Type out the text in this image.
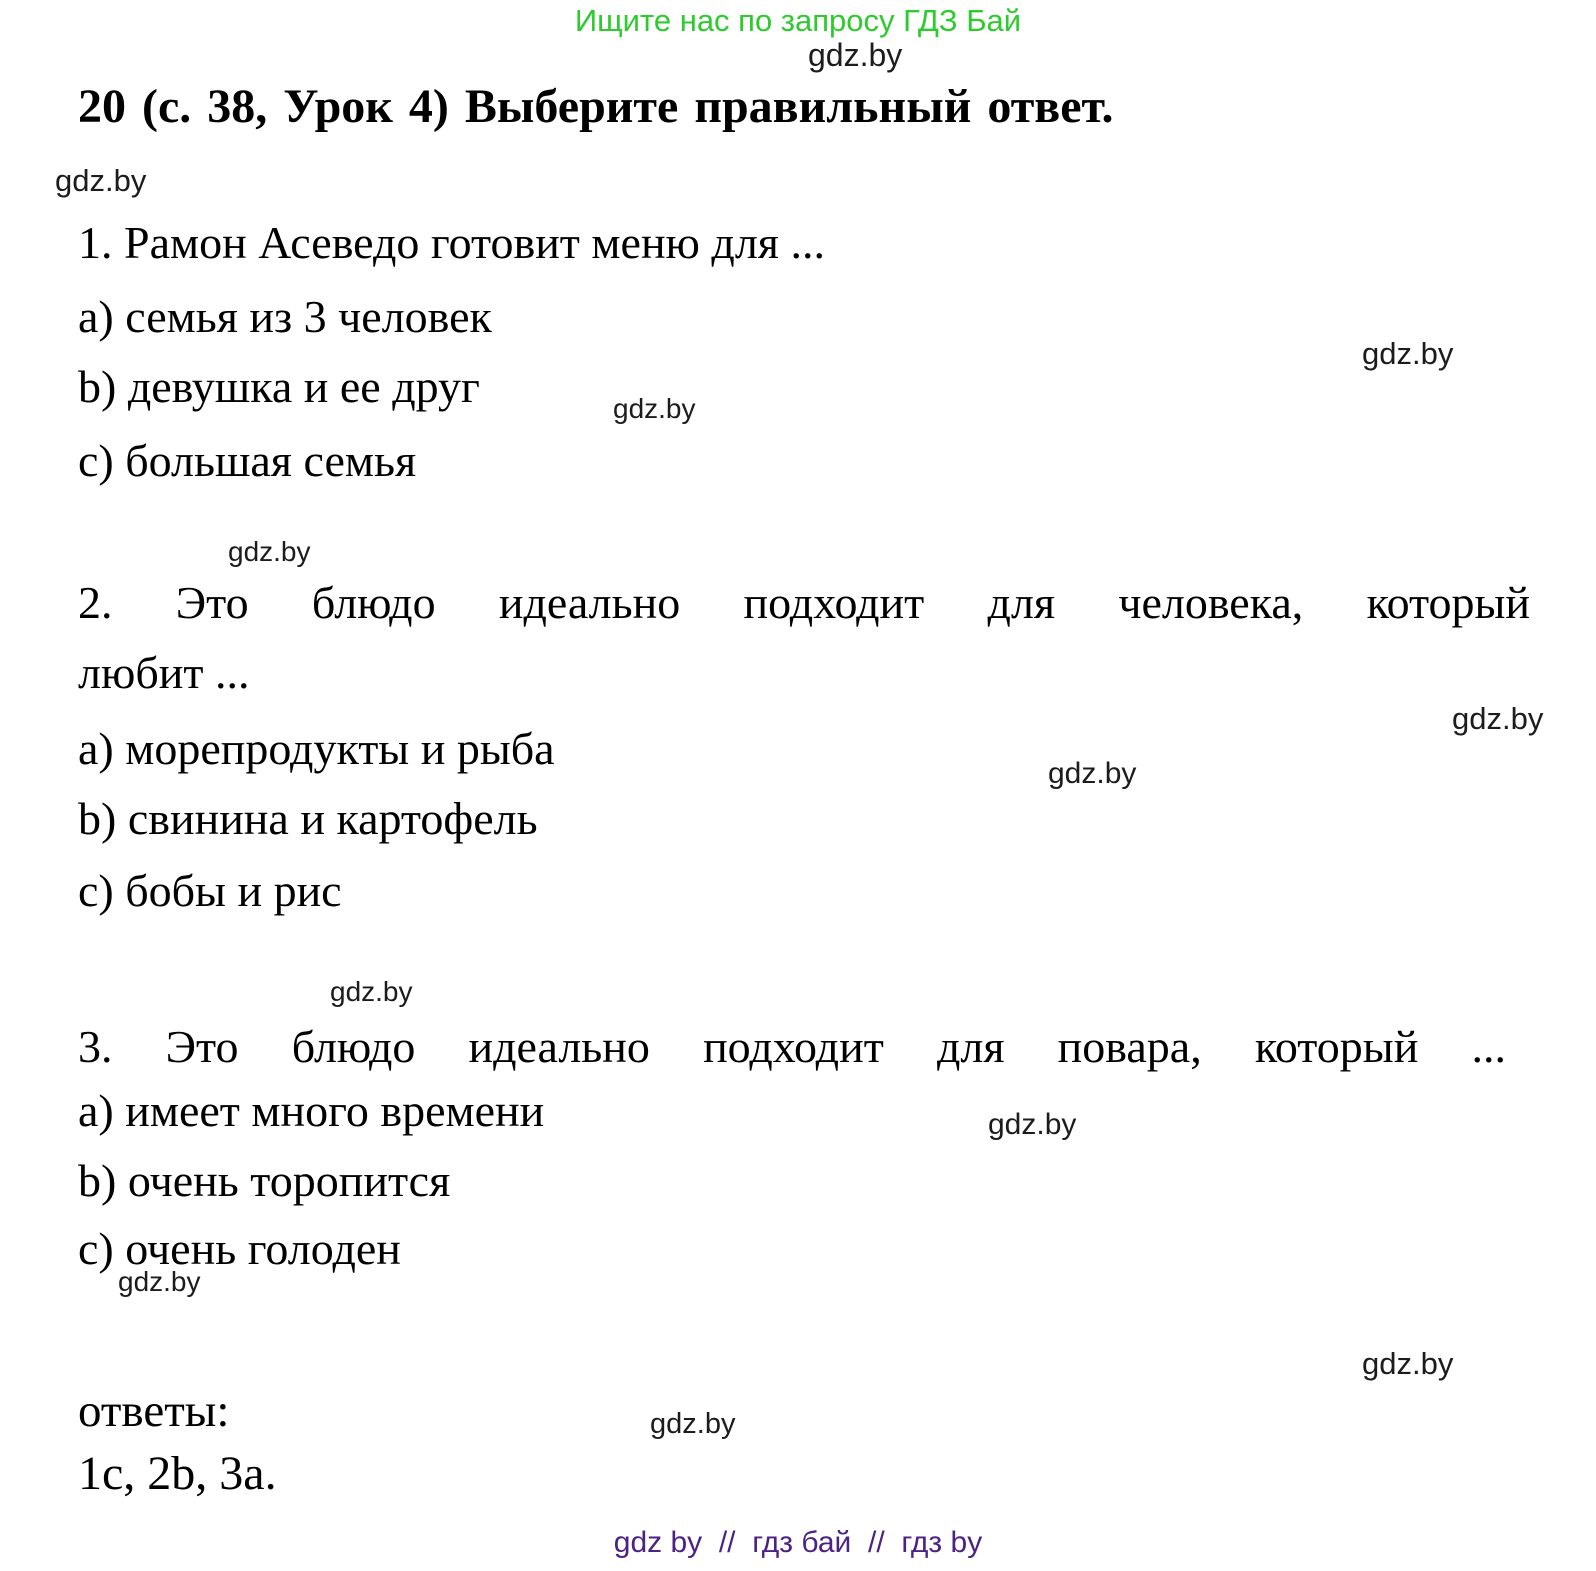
Ищите нас по запросу ГДЗ Бай
gdz.by
20 (с. 38, Урок 4) Выберите правильный ответ.
gdz.by
1. Рамон Асеведо готовит меню для ...
a) семья из 3 человек
gdz.by
b) девушка и ее друг	gdz.by
c) большая семья
gdz.by
2. Это блюдо идеально подходит для человека, который
любит ...
gdz.by
a) морепродукты и рыба	gdz.by
b) свинина и картофель
c) бобы и рис
gdz.by
3. Это блюдо идеально подходит для повара, который ...
a) имеет много времени	gdz.by
b) очень торопится
c) очень голоден
gdz.by
gdz.by
ответы:	gdz.by
1c, 2b, 3a.
gdz by  //  гдз бай  //  гдз by
